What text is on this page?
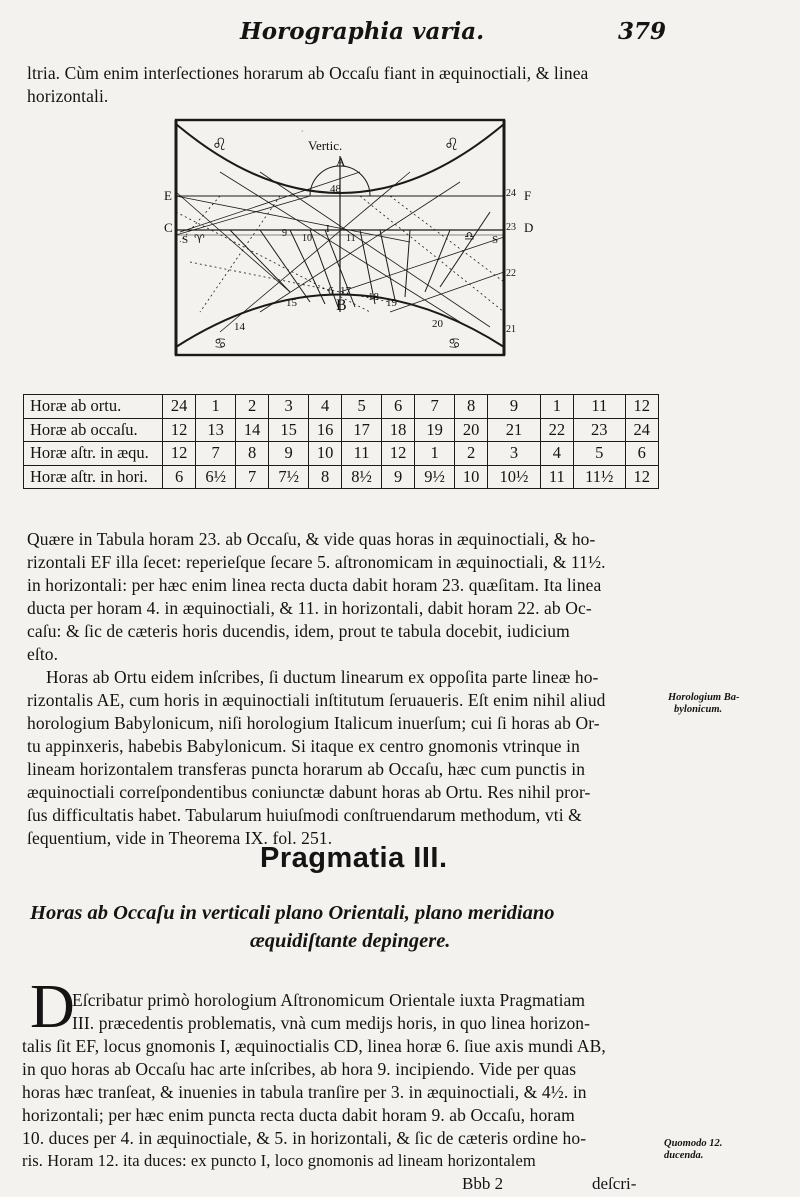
·
Horographia varia.	379
ltria. Cùm enim interſectiones horarum ab Occaſu fiant in æquinoctiali, & linea
horizontali.
Vertic.
A
48
E
C
F
D
24
23
22
21
S	S
I
9 10	11
15
6 17 18 19
B
14	20
♌	♌
♈	♎
♋	♋
Horæ ab ortu.	24	1	2	3	4	5	6	7	8	9	1	11	12
Horæ ab occaſu.	12	13	14	15	16	17	18	19	20	21	22	23	24
Horæ aſtr. in æqu.	12	7	8	9	10	11	12	1	2	3	4	5	6
Horæ aſtr. in hori.	6	6½	7	7½	8	8½	9	9½	10	10½	11	11½	12
Quære in Tabula horam 23. ab Occaſu, & vide quas horas in æquinoctiali, & ho-
rizontali EF illa ſecet: reperieſque ſecare 5. aſtronomicam in æquinoctiali, & 11½.
in horizontali: per hæc enim linea recta ducta dabit horam 23. quæſitam. Ita linea
ducta per horam 4. in æquinoctiali, & 11. in horizontali, dabit horam 22. ab Oc-
caſu: & ſic de cæteris horis ducendis, idem, prout te tabula docebit, iudicium
eſto.
Horas ab Ortu eidem inſcribes, ſi ductum linearum ex oppoſita parte lineæ ho-
rizontalis AE, cum horis in æquinoctiali inſtitutum ſeruaueris. Eſt enim nihil aliud
horologium Babylonicum, niſi horologium Italicum inuerſum; cui ſi horas ab Or-
tu appinxeris, habebis Babylonicum. Si itaque ex centro gnomonis vtrinque in
lineam horizontalem transferas puncta horarum ab Occaſu, hæc cum punctis in
æquinoctiali correſpondentibus coniunctæ dabunt horas ab Ortu. Res nihil pror-
ſus difficultatis habet. Tabularum huiuſmodi conſtruendarum methodum, vti &
ſequentium, vide in Theorema IX. fol. 251.
Horologium Ba-
bylonicum.
Pragmatia III.
Horas ab Occaſu in verticali plano Orientali, plano meridiano
æquidiſtante depingere.
D
Eſcribatur primò horologium Aſtronomicum Orientale iuxta Pragmatiam
III. præcedentis problematis, vnà cum medijs horis, in quo linea horizon-
talis ſit EF, locus gnomonis I, æquinoctialis CD, linea horæ 6. ſiue axis mundi AB,
in quo horas ab Occaſu hac arte inſcribes, ab hora 9. incipiendo. Vide per quas
horas hæc tranſeat, & inuenies in tabula tranſire per 3. in æquinoctiali, & 4½. in
horizontali; per hæc enim puncta recta ducta dabit horam 9. ab Occaſu, horam
10. duces per 4. in æquinoctiale, & 5. in horizontali, & ſic de cæteris ordine ho-
ris. Horam 12. ita duces: ex puncto I, loco gnomonis ad lineam horizontalem
Quomodo 12.
ducenda.
Bbb 2	deſcri-
